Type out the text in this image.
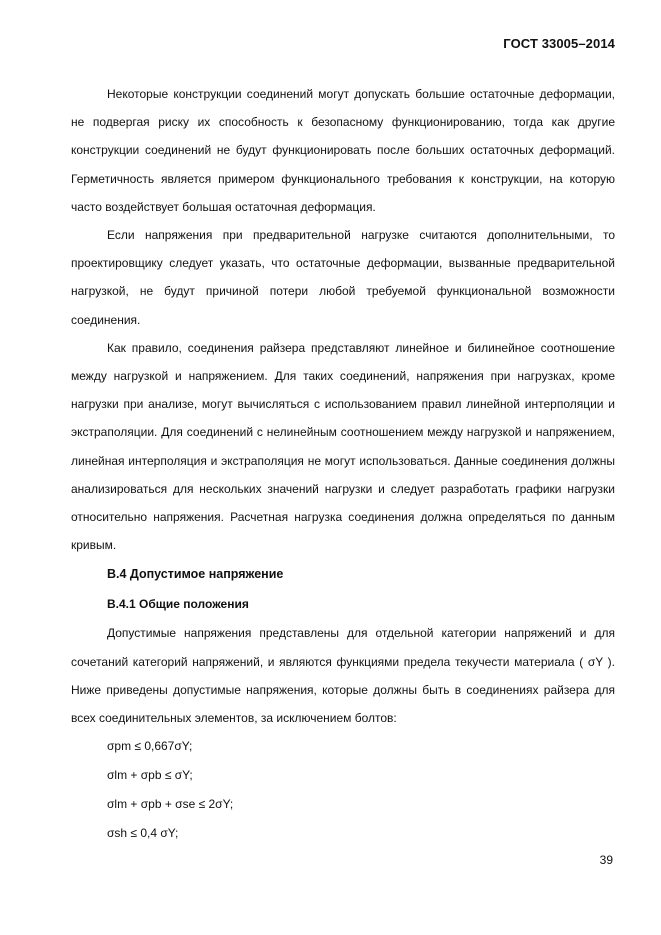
ГОСТ 33005–2014

Некоторые конструкции соединений могут допускать большие остаточные деформации, не подвергая риску их способность к безопасному функционированию, тогда как другие конструкции соединений не будут функционировать после больших остаточных деформаций. Герметичность является примером функционального требования к конструкции, на которую часто воздействует большая остаточная деформация.

Если напряжения при предварительной нагрузке считаются дополнительными, то проектировщику следует указать, что остаточные деформации, вызванные предварительной нагрузкой, не будут причиной потери любой требуемой функциональной возможности соединения.

Как правило, соединения райзера представляют линейное и билинейное соотношение между нагрузкой и напряжением. Для таких соединений, напряжения при нагрузках, кроме нагрузки при анализе, могут вычисляться с использованием правил линейной интерполяции и экстраполяции. Для соединений с нелинейным соотношением между нагрузкой и напряжением, линейная интерполяция и экстраполяция не могут использоваться. Данные соединения должны анализироваться для нескольких значений нагрузки и следует разработать графики нагрузки относительно напряжения. Расчетная нагрузка соединения должна определяться по данным кривым.

В.4 Допустимое напряжение
В.4.1 Общие положения

Допустимые напряжения представлены для отдельной категории напряжений и для сочетаний категорий напряжений, и являются функциями предела текучести материала ( σY ). Ниже приведены допустимые напряжения, которые должны быть в соединениях райзера для всех соединительных элементов, за исключением болтов:

σpm ≤ 0,667σY;
σlm + σpb ≤ σY;
σlm + σpb + σse ≤ 2σY;
σsh ≤ 0,4 σY;
39
